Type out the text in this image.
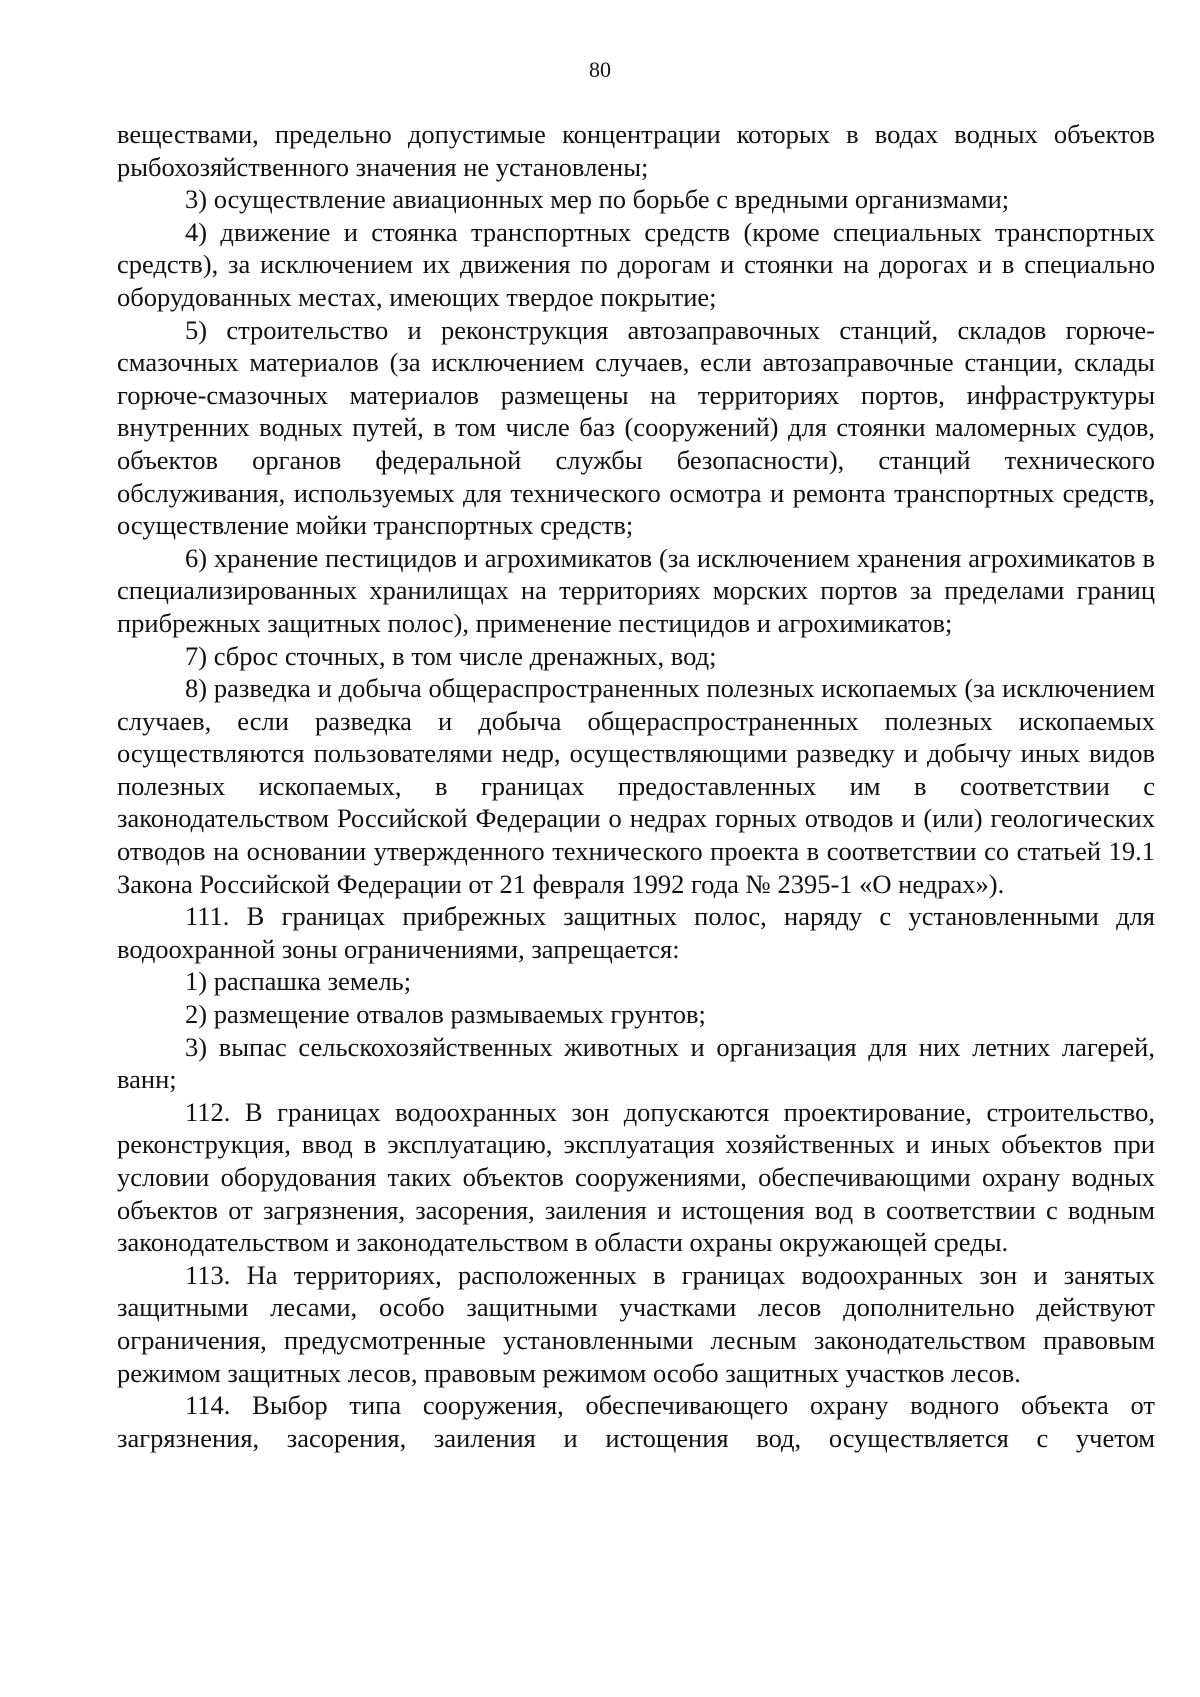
80

веществами, предельно допустимые концентрации которых в водах водных объектов рыбохозяйственного значения не установлены;

3) осуществление авиационных мер по борьбе с вредными организмами;

4) движение и стоянка транспортных средств (кроме специальных транспортных средств), за исключением их движения по дорогам и стоянки на дорогах и в специально оборудованных местах, имеющих твердое покрытие;

5) строительство и реконструкция автозаправочных станций, складов горюче-смазочных материалов (за исключением случаев, если автозаправочные станции, склады горюче-смазочных материалов размещены на территориях портов, инфраструктуры внутренних водных путей, в том числе баз (сооружений) для стоянки маломерных судов, объектов органов федеральной службы безопасности), станций технического обслуживания, используемых для технического осмотра и ремонта транспортных средств, осуществление мойки транспортных средств;

6) хранение пестицидов и агрохимикатов (за исключением хранения агрохимикатов в специализированных хранилищах на территориях морских портов за пределами границ прибрежных защитных полос), применение пестицидов и агрохимикатов;

7) сброс сточных, в том числе дренажных, вод;

8) разведка и добыча общераспространенных полезных ископаемых (за исключением случаев, если разведка и добыча общераспространенных полезных ископаемых осуществляются пользователями недр, осуществляющими разведку и добычу иных видов полезных ископаемых, в границах предоставленных им в соответствии с законодательством Российской Федерации о недрах горных отводов и (или) геологических отводов на основании утвержденного технического проекта в соответствии со статьей 19.1 Закона Российской Федерации от 21 февраля 1992 года № 2395-1 «О недрах»).

111. В границах прибрежных защитных полос, наряду с установленными для водоохранной зоны ограничениями, запрещается:

1) распашка земель;

2) размещение отвалов размываемых грунтов;

3) выпас сельскохозяйственных животных и организация для них летних лагерей, ванн;

112. В границах водоохранных зон допускаются проектирование, строительство, реконструкция, ввод в эксплуатацию, эксплуатация хозяйственных и иных объектов при условии оборудования таких объектов сооружениями, обеспечивающими охрану водных объектов от загрязнения, засорения, заиления и истощения вод в соответствии с водным законодательством и законодательством в области охраны окружающей среды.

113. На территориях, расположенных в границах водоохранных зон и занятых защитными лесами, особо защитными участками лесов дополнительно действуют ограничения, предусмотренные установленными лесным законодательством правовым режимом защитных лесов, правовым режимом особо защитных участков лесов.

114. Выбор типа сооружения, обеспечивающего охрану водного объекта от загрязнения, засорения, заиления и истощения вод, осуществляется с учетом
